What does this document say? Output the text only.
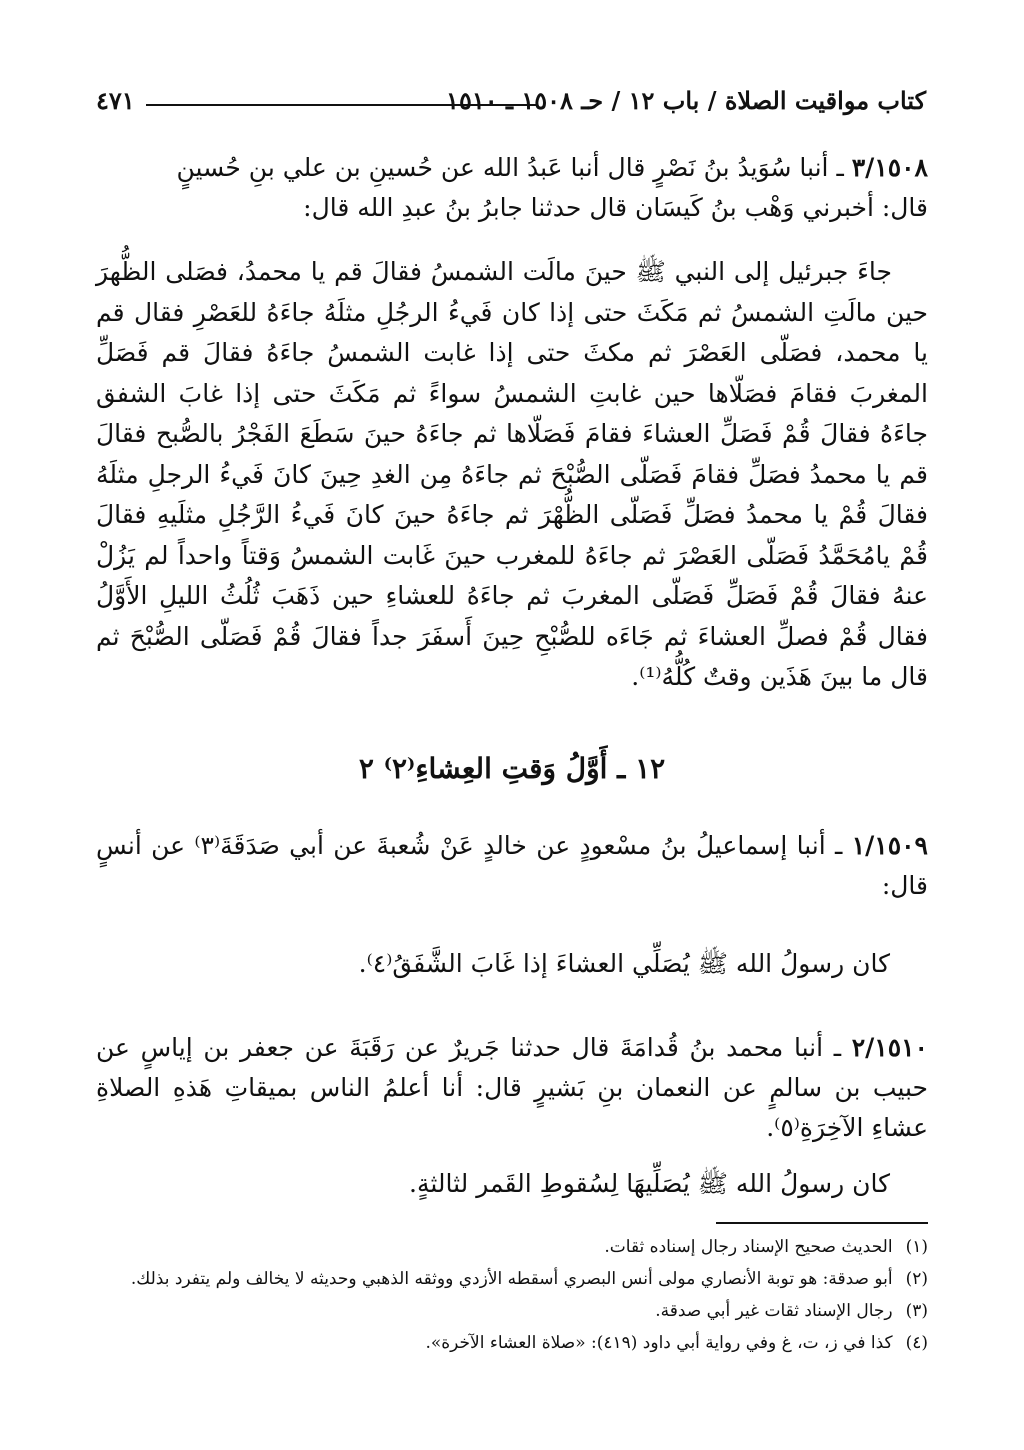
كتاب مواقيت الصلاة / باب ١٢ / حـ ١٥٠٨ ـ ١٥١٠
٤٧١
٣/١٥٠٨ ـ أنبا سُوَيدُ بنُ نَصْرٍ قال أنبا عَبدُ الله عن حُسينِ بن علي بنِ حُسينٍ
قال: أخبرني وَهْب بنُ كَيسَان قال حدثنا جابرُ بنُ عبدِ الله قال:
جاءَ جبرئيل إلى النبي ﷺ حينَ مالَت الشمسُ فقالَ قم يا محمدُ، فصَلى الظُّهرَ حين مالَتِ الشمسُ ثم مَكَثَ حتى إذا كان فَيءُ الرجُلِ مثلَهُ جاءَهُ للعَصْرِ فقال قم يا محمد، فصَلّى العَصْرَ ثم مكثَ حتى إذا غابت الشمسُ جاءَهُ فقالَ قم فَصَلِّ المغربَ فقامَ فصَلّاها حين غابتِ الشمسُ سواءً ثم مَكَثَ حتى إذا غابَ الشفق جاءَهُ فقالَ قُمْ فَصَلِّ العشاءَ فقامَ فَصَلّاها ثم جاءَهُ حينَ سَطَعَ الفَجْرُ بالصُّبح فقالَ قم يا محمدُ فصَلِّ فقامَ فَصَلّى الصُّبْحَ ثم جاءَهُ مِن الغدِ حِينَ كانَ فَيءُ الرجلِ مثلَهُ فقالَ قُمْ يا محمدُ فصَلِّ فَصَلّى الظُّهْرَ ثم جاءَهُ حينَ كانَ فَيءُ الرَّجُلِ مثلَيهِ فقالَ قُمْ يامُحَمَّدُ فَصَلّى العَصْرَ ثم جاءَهُ للمغرب حينَ غَابت الشمسُ وَقتاً واحداً لم يَزُلْ عنهُ فقالَ قُمْ فَصَلِّ فَصَلّى المغربَ ثم جاءَهُ للعشاءِ حين ذَهَبَ ثُلُثُ الليلِ الأَوَّلُ فقال قُمْ فصلِّ العشاءَ ثم جَاءَه للصُّبْحِ حِينَ أَسفَرَ جداً فقالَ قُمْ فَصَلّى الصُّبْحَ ثم قال ما بينَ هَذَين وقتٌ كُلُّهُ⁽¹⁾.
١٢ ـ أَوَّلُ وَقتِ العِشاءِ⁽٢⁾ ٢
١/١٥٠٩ ـ أنبا إسماعيلُ بنُ مسْعودٍ عن خالدٍ عَنْ شُعبةَ عن أبي صَدَقَةَ⁽٣⁾ عن أنسٍ قال:
كان رسولُ الله ﷺ يُصَلِّي العشاءَ إذا غَابَ الشَّفَقُ⁽٤⁾.
٢/١٥١٠ ـ أنبا محمد بنُ قُدامَةَ قال حدثنا جَريرٌ عن رَقَبَةَ عن جعفر بن إياسٍ عن حبيب بن سالمٍ عن النعمان بنِ بَشيرٍ قال: أنا أعلمُ الناس بميقاتِ هَذهِ الصلاةِ عشاءِ الآخِرَةِ⁽٥⁾.
كان رسولُ الله ﷺ يُصَلِّيهَا لِسُقوطِ القَمر لثالثةٍ.
(١) الحديث صحيح الإسناد رجال إسناده ثقات.
(٢) أبو صدقة: هو توبة الأنصاري مولى أنس البصري أسقطه الأزدي ووثقه الذهبي وحديثه لا يخالف ولم يتفرد بذلك.
(٣) رجال الإسناد ثقات غير أبي صدقة.
(٤) كذا في ز، ت، غ وفي رواية أبي داود (٤١٩): «صلاة العشاء الآخرة».
